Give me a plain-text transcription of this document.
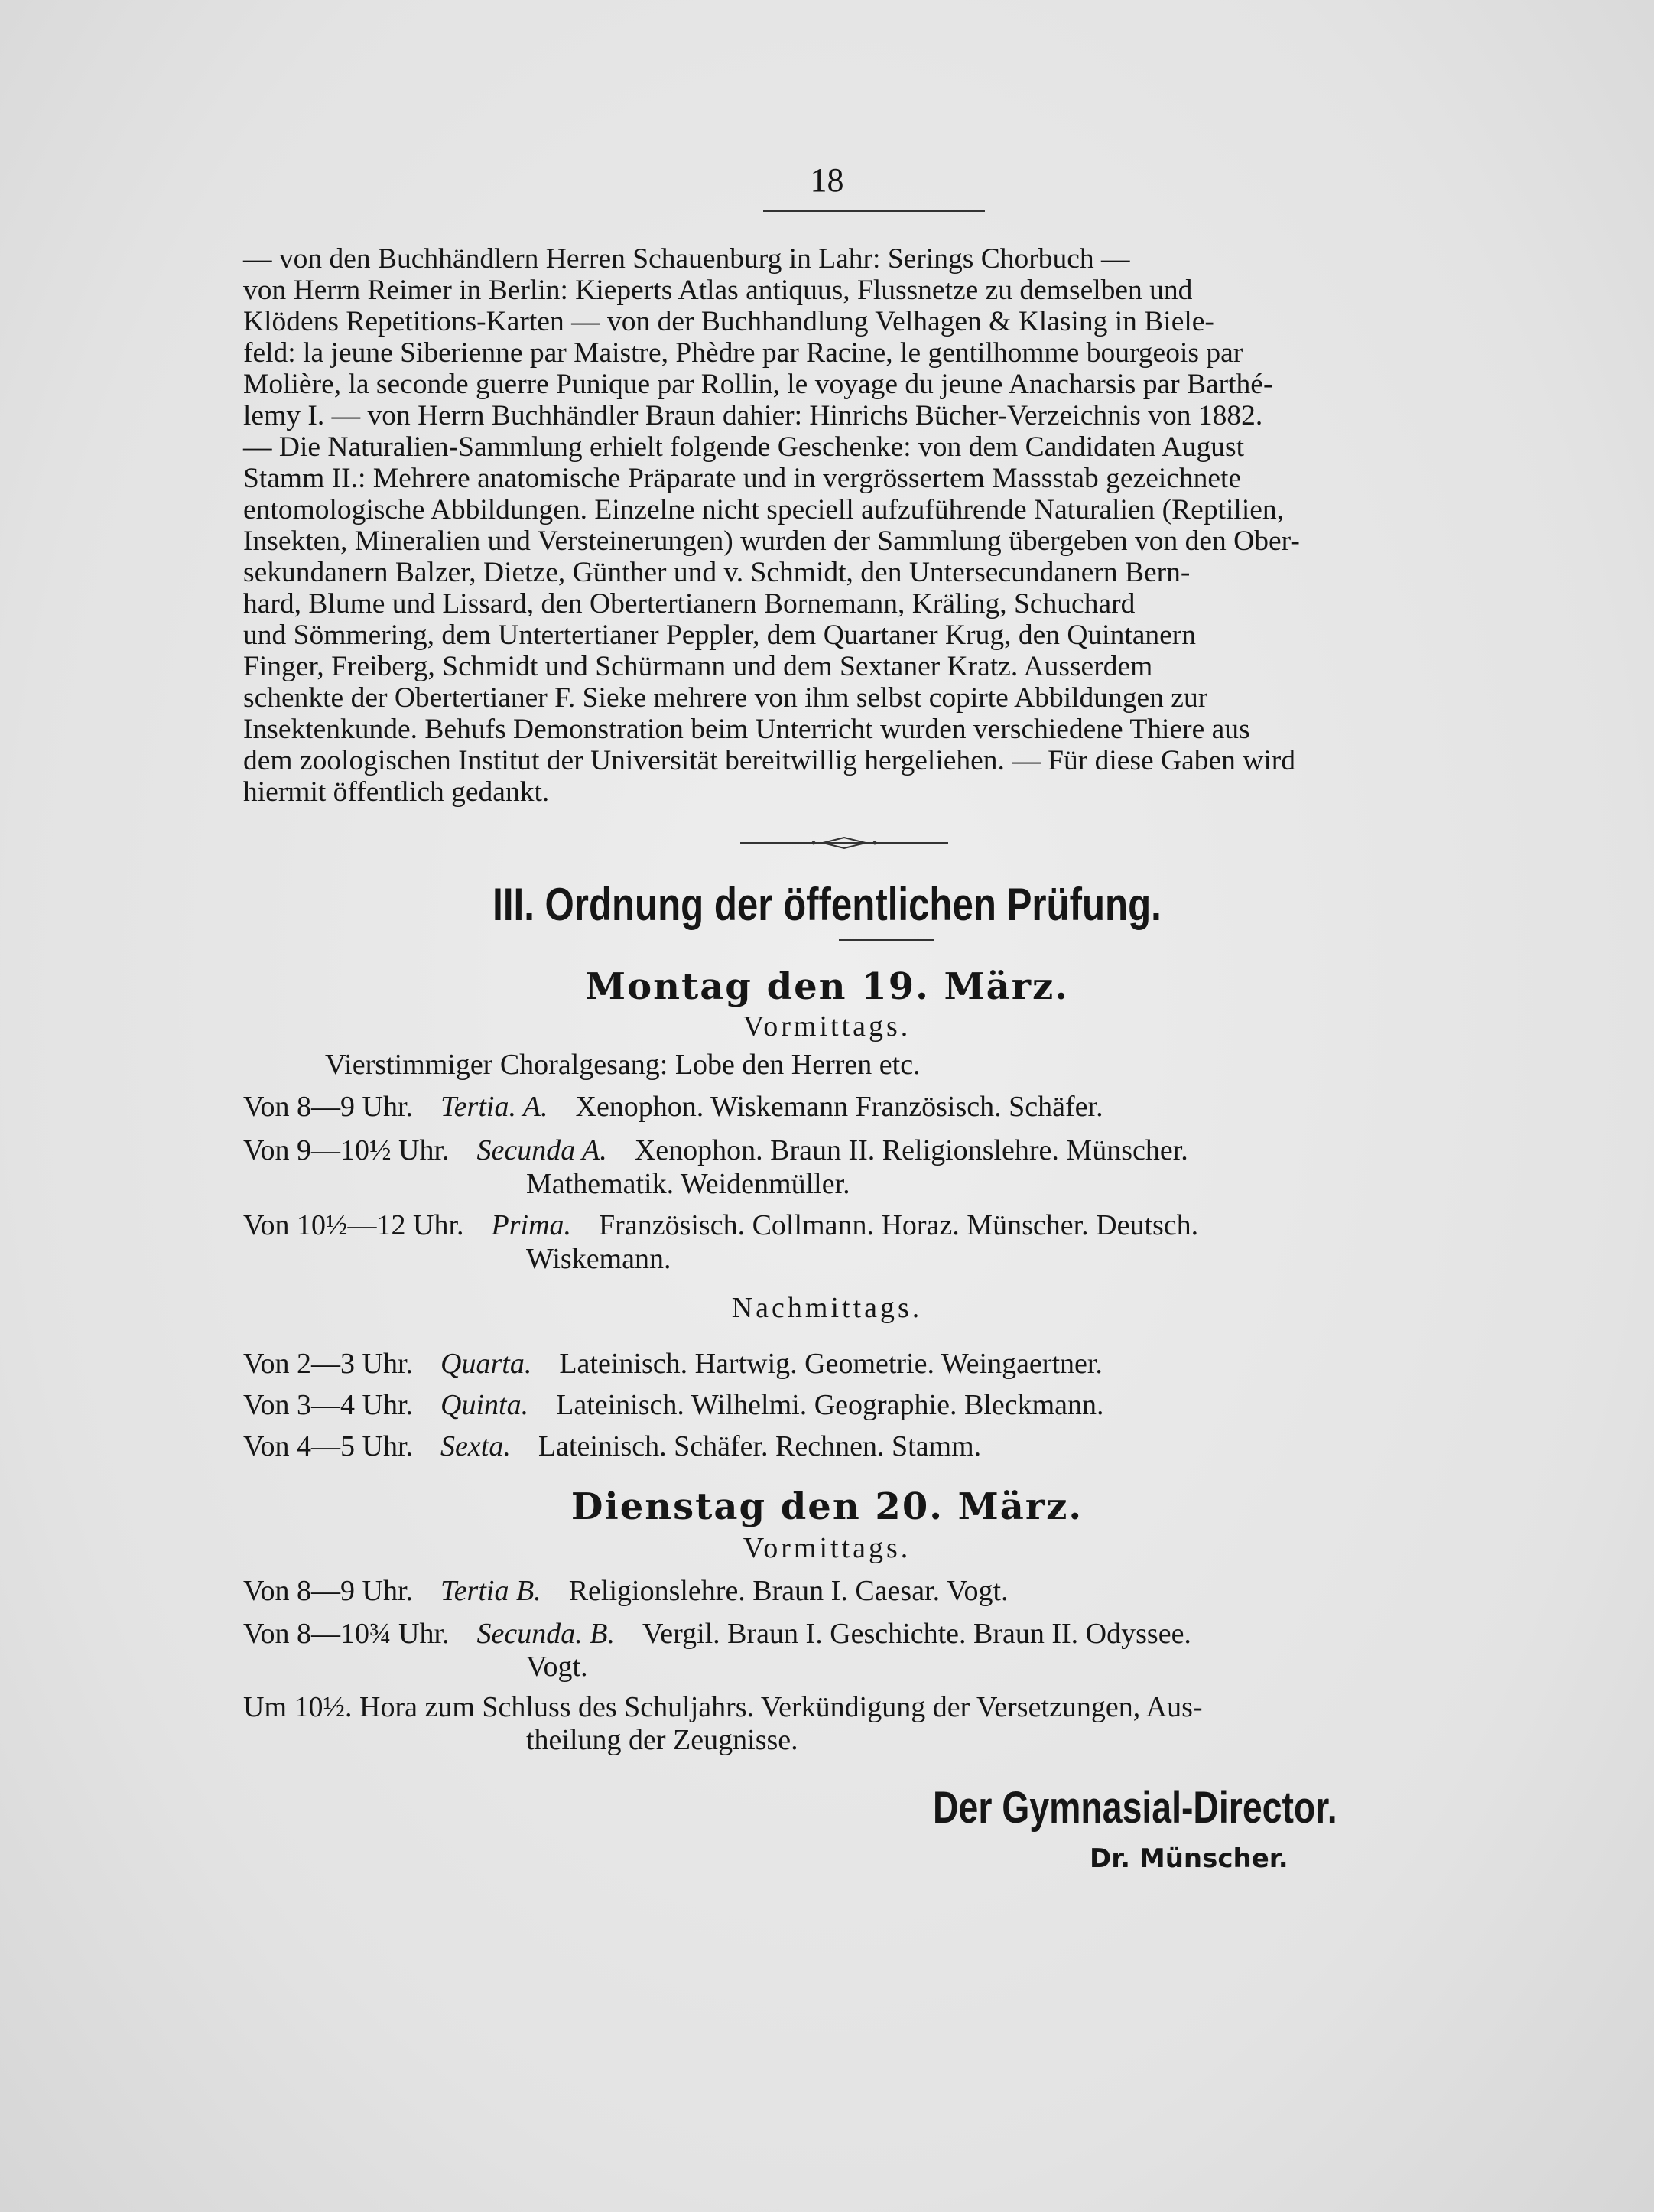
18

— von den Buchhändlern Herren Schauenburg in Lahr: Serings Chorbuch —

von Herrn Reimer in Berlin: Kieperts Atlas antiquus, Flussnetze zu demselben und

Klödens Repetitions-Karten — von der Buchhandlung Velhagen & Klasing in Biele-

feld: la jeune Siberienne par Maistre, Phèdre par Racine, le gentilhomme bourgeois par

Molière, la seconde guerre Punique par Rollin, le voyage du jeune Anacharsis par Barthé-

lemy I. — von Herrn Buchhändler Braun dahier: Hinrichs Bücher-Verzeichnis von 1882.

— Die Naturalien-Sammlung erhielt folgende Geschenke: von dem Candidaten August

Stamm II.: Mehrere anatomische Präparate und in vergrössertem Massstab gezeichnete

entomologische Abbildungen. Einzelne nicht speciell aufzuführende Naturalien (Reptilien,

Insekten, Mineralien und Versteinerungen) wurden der Sammlung übergeben von den Ober-

sekundanern Balzer, Dietze, Günther und v. Schmidt, den Untersecundanern Bern-

hard, Blume und Lissard, den Obertertianern Bornemann, Kräling, Schuchard

und Sömmering, dem Untertertianer Peppler, dem Quartaner Krug, den Quintanern

Finger, Freiberg, Schmidt und Schürmann und dem Sextaner Kratz. Ausserdem

schenkte der Obertertianer F. Sieke mehrere von ihm selbst copirte Abbildungen zur

Insektenkunde. Behufs Demonstration beim Unterricht wurden verschiedene Thiere aus

dem zoologischen Institut der Universität bereitwillig hergeliehen. — Für diese Gaben wird

hiermit öffentlich gedankt.

III. Ordnung der öffentlichen Prüfung.
Montag den 19. März.
Vormittags.
Vierstimmiger Choralgesang: Lobe den Herren etc.
Von 8—9 Uhr. Tertia. A. Xenophon. Wiskemann Französisch. Schäfer.
Von 9—10½ Uhr. Secunda A. Xenophon. Braun II. Religionslehre. Münscher.
Mathematik. Weidenmüller.
Von 10½—12 Uhr. Prima. Französisch. Collmann. Horaz. Münscher. Deutsch.
Wiskemann.
Nachmittags.
Von 2—3 Uhr. Quarta. Lateinisch. Hartwig. Geometrie. Weingaertner.
Von 3—4 Uhr. Quinta. Lateinisch. Wilhelmi. Geographie. Bleckmann.
Von 4—5 Uhr. Sexta. Lateinisch. Schäfer. Rechnen. Stamm.
Dienstag den 20. März.
Vormittags.
Von 8—9 Uhr. Tertia B. Religionslehre. Braun I. Caesar. Vogt.
Von 8—10¾ Uhr. Secunda. B. Vergil. Braun I. Geschichte. Braun II. Odyssee.
Vogt.
Um 10½. Hora zum Schluss des Schuljahrs. Verkündigung der Versetzungen, Aus-
theilung der Zeugnisse.
Der Gymnasial-Director.
Dr. Münscher.
